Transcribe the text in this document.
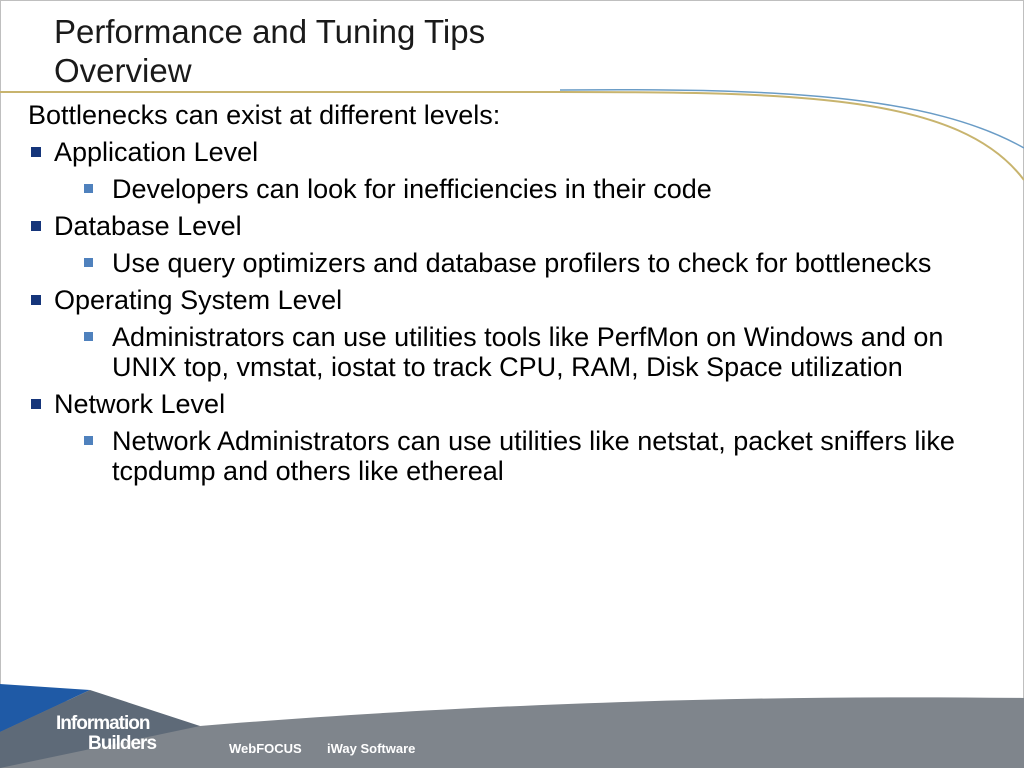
Performance and Tuning Tips
Overview

Bottlenecks can exist at different levels:

Application Level

Developers can look for inefficiencies in their code

Database Level

Use query optimizers and database profilers to check for bottlenecks

Operating System Level

Administrators can use utilities tools like PerfMon on Windows and on UNIX top, vmstat, iostat to track CPU, RAM, Disk Space utilization

Network Level

Network Administrators can use utilities like netstat, packet sniffers like tcpdump and others like ethereal

Information
Builders	WebFOCUS iWay Software
